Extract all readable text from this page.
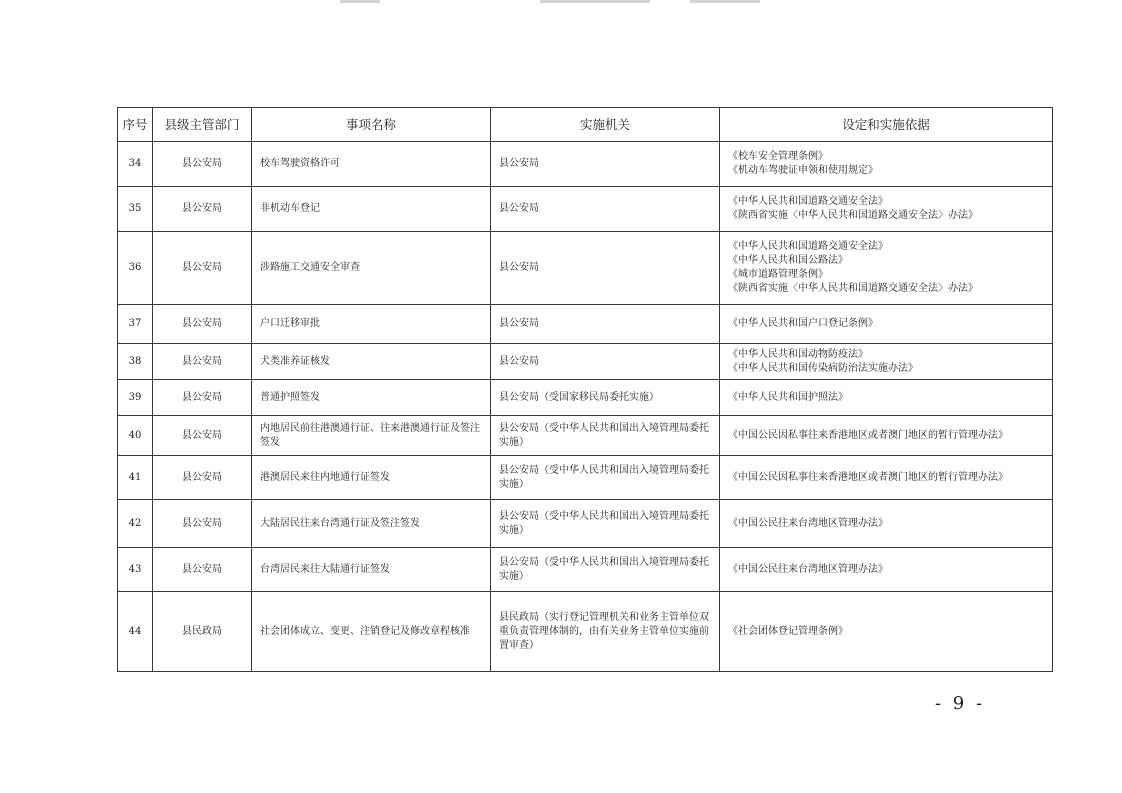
序号	县级主管部门	事项名称	实施机关	设定和实施依据
34	县公安局	校车驾驶资格许可	县公安局	《校车安全管理条例》
《机动车驾驶证申领和使用规定》

35	县公安局	非机动车登记	县公安局	《中华人民共和国道路交通安全法》
《陕西省实施〈中华人民共和国道路交通安全法〉办法》

36	县公安局	涉路施工交通安全审查	县公安局	《中华人民共和国道路交通安全法》
《中华人民共和国公路法》
《城市道路管理条例》
《陕西省实施〈中华人民共和国道路交通安全法〉办法》

37	县公安局	户口迁移审批	县公安局	《中华人民共和国户口登记条例》

38	县公安局	犬类准养证核发	县公安局	《中华人民共和国动物防疫法》
《中华人民共和国传染病防治法实施办法》

39	县公安局	普通护照签发	县公安局（受国家移民局委托实施）	《中华人民共和国护照法》

40	县公安局	内地居民前往港澳通行证、往来港澳通行证及签注签发	县公安局（受中华人民共和国出入境管理局委托实施）	《中国公民因私事往来香港地区或者澳门地区的暂行管理办法》

41	县公安局	港澳居民来往内地通行证签发	县公安局（受中华人民共和国出入境管理局委托实施）	《中国公民因私事往来香港地区或者澳门地区的暂行管理办法》

42	县公安局	大陆居民往来台湾通行证及签注签发	县公安局（受中华人民共和国出入境管理局委托实施）	《中国公民往来台湾地区管理办法》

43	县公安局	台湾居民来往大陆通行证签发	县公安局（受中华人民共和国出入境管理局委托实施）	《中国公民往来台湾地区管理办法》

44	县民政局	社会团体成立、变更、注销登记及修改章程核准	县民政局（实行登记管理机关和业务主管单位双重负责管理体制的，由有关业务主管单位实施前置审查）	《社会团体登记管理条例》
- 9 -
